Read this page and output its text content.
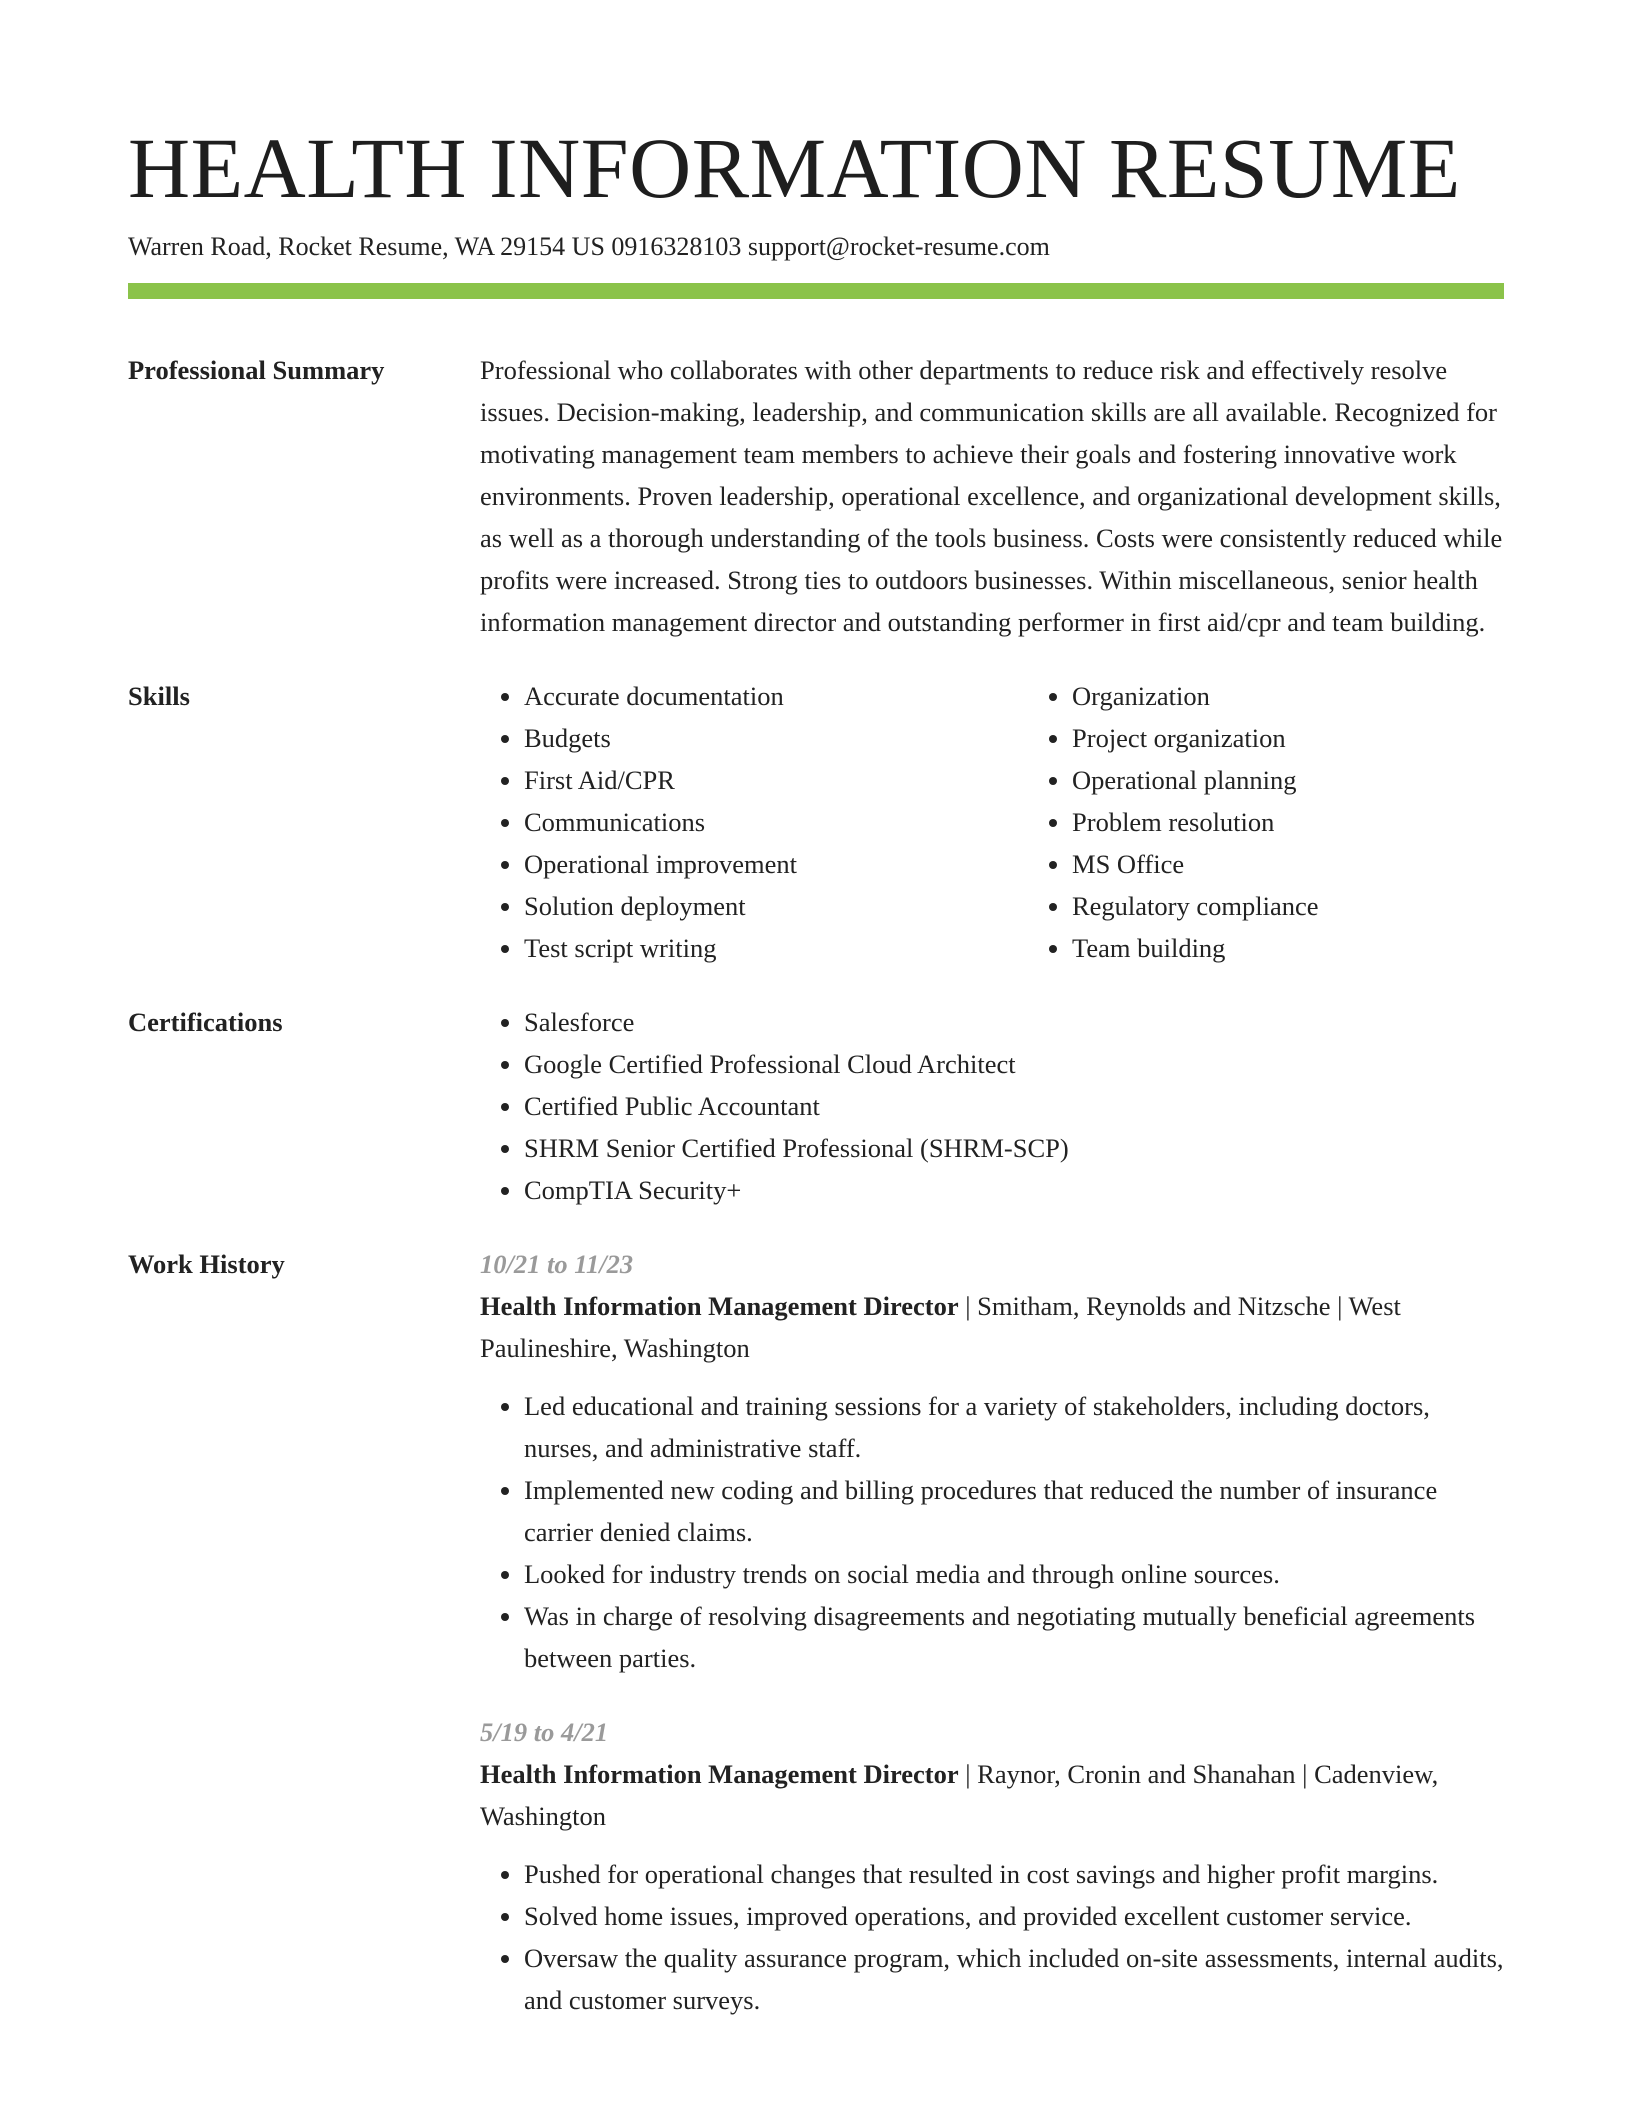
HEALTH INFORMATION RESUME
Warren Road, Rocket Resume, WA 29154 US 0916328103 support@rocket-resume.com
Professional Summary	Professional who collaborates with other departments to reduce risk and effectively resolve issues. Decision-making, leadership, and communication skills are all available. Recognized for motivating management team members to achieve their goals and fostering innovative work environments. Proven leadership, operational excellence, and organizational development skills, as well as a thorough understanding of the tools business. Costs were consistently reduced while profits were increased. Strong ties to outdoors businesses. Within miscellaneous, senior health information management director and outstanding performer in first aid/cpr and team building.
Skills	• Accurate documentation
• Budgets
• First Aid/CPR
• Communications
• Operational improvement
• Solution deployment
• Test script writing
• Organization
• Project organization
• Operational planning
• Problem resolution
• MS Office
• Regulatory compliance
• Team building
Certifications	• Salesforce
• Google Certified Professional Cloud Architect
• Certified Public Accountant
• SHRM Senior Certified Professional (SHRM-SCP)
• CompTIA Security+
Work History	10/21 to 11/23
Health Information Management Director | Smitham, Reynolds and Nitzsche | West Paulineshire, Washington
• Led educational and training sessions for a variety of stakeholders, including doctors, nurses, and administrative staff.
• Implemented new coding and billing procedures that reduced the number of insurance carrier denied claims.
• Looked for industry trends on social media and through online sources.
• Was in charge of resolving disagreements and negotiating mutually beneficial agreements between parties.
5/19 to 4/21
Health Information Management Director | Raynor, Cronin and Shanahan | Cadenview, Washington
• Pushed for operational changes that resulted in cost savings and higher profit margins.
• Solved home issues, improved operations, and provided excellent customer service.
• Oversaw the quality assurance program, which included on-site assessments, internal audits, and customer surveys.
